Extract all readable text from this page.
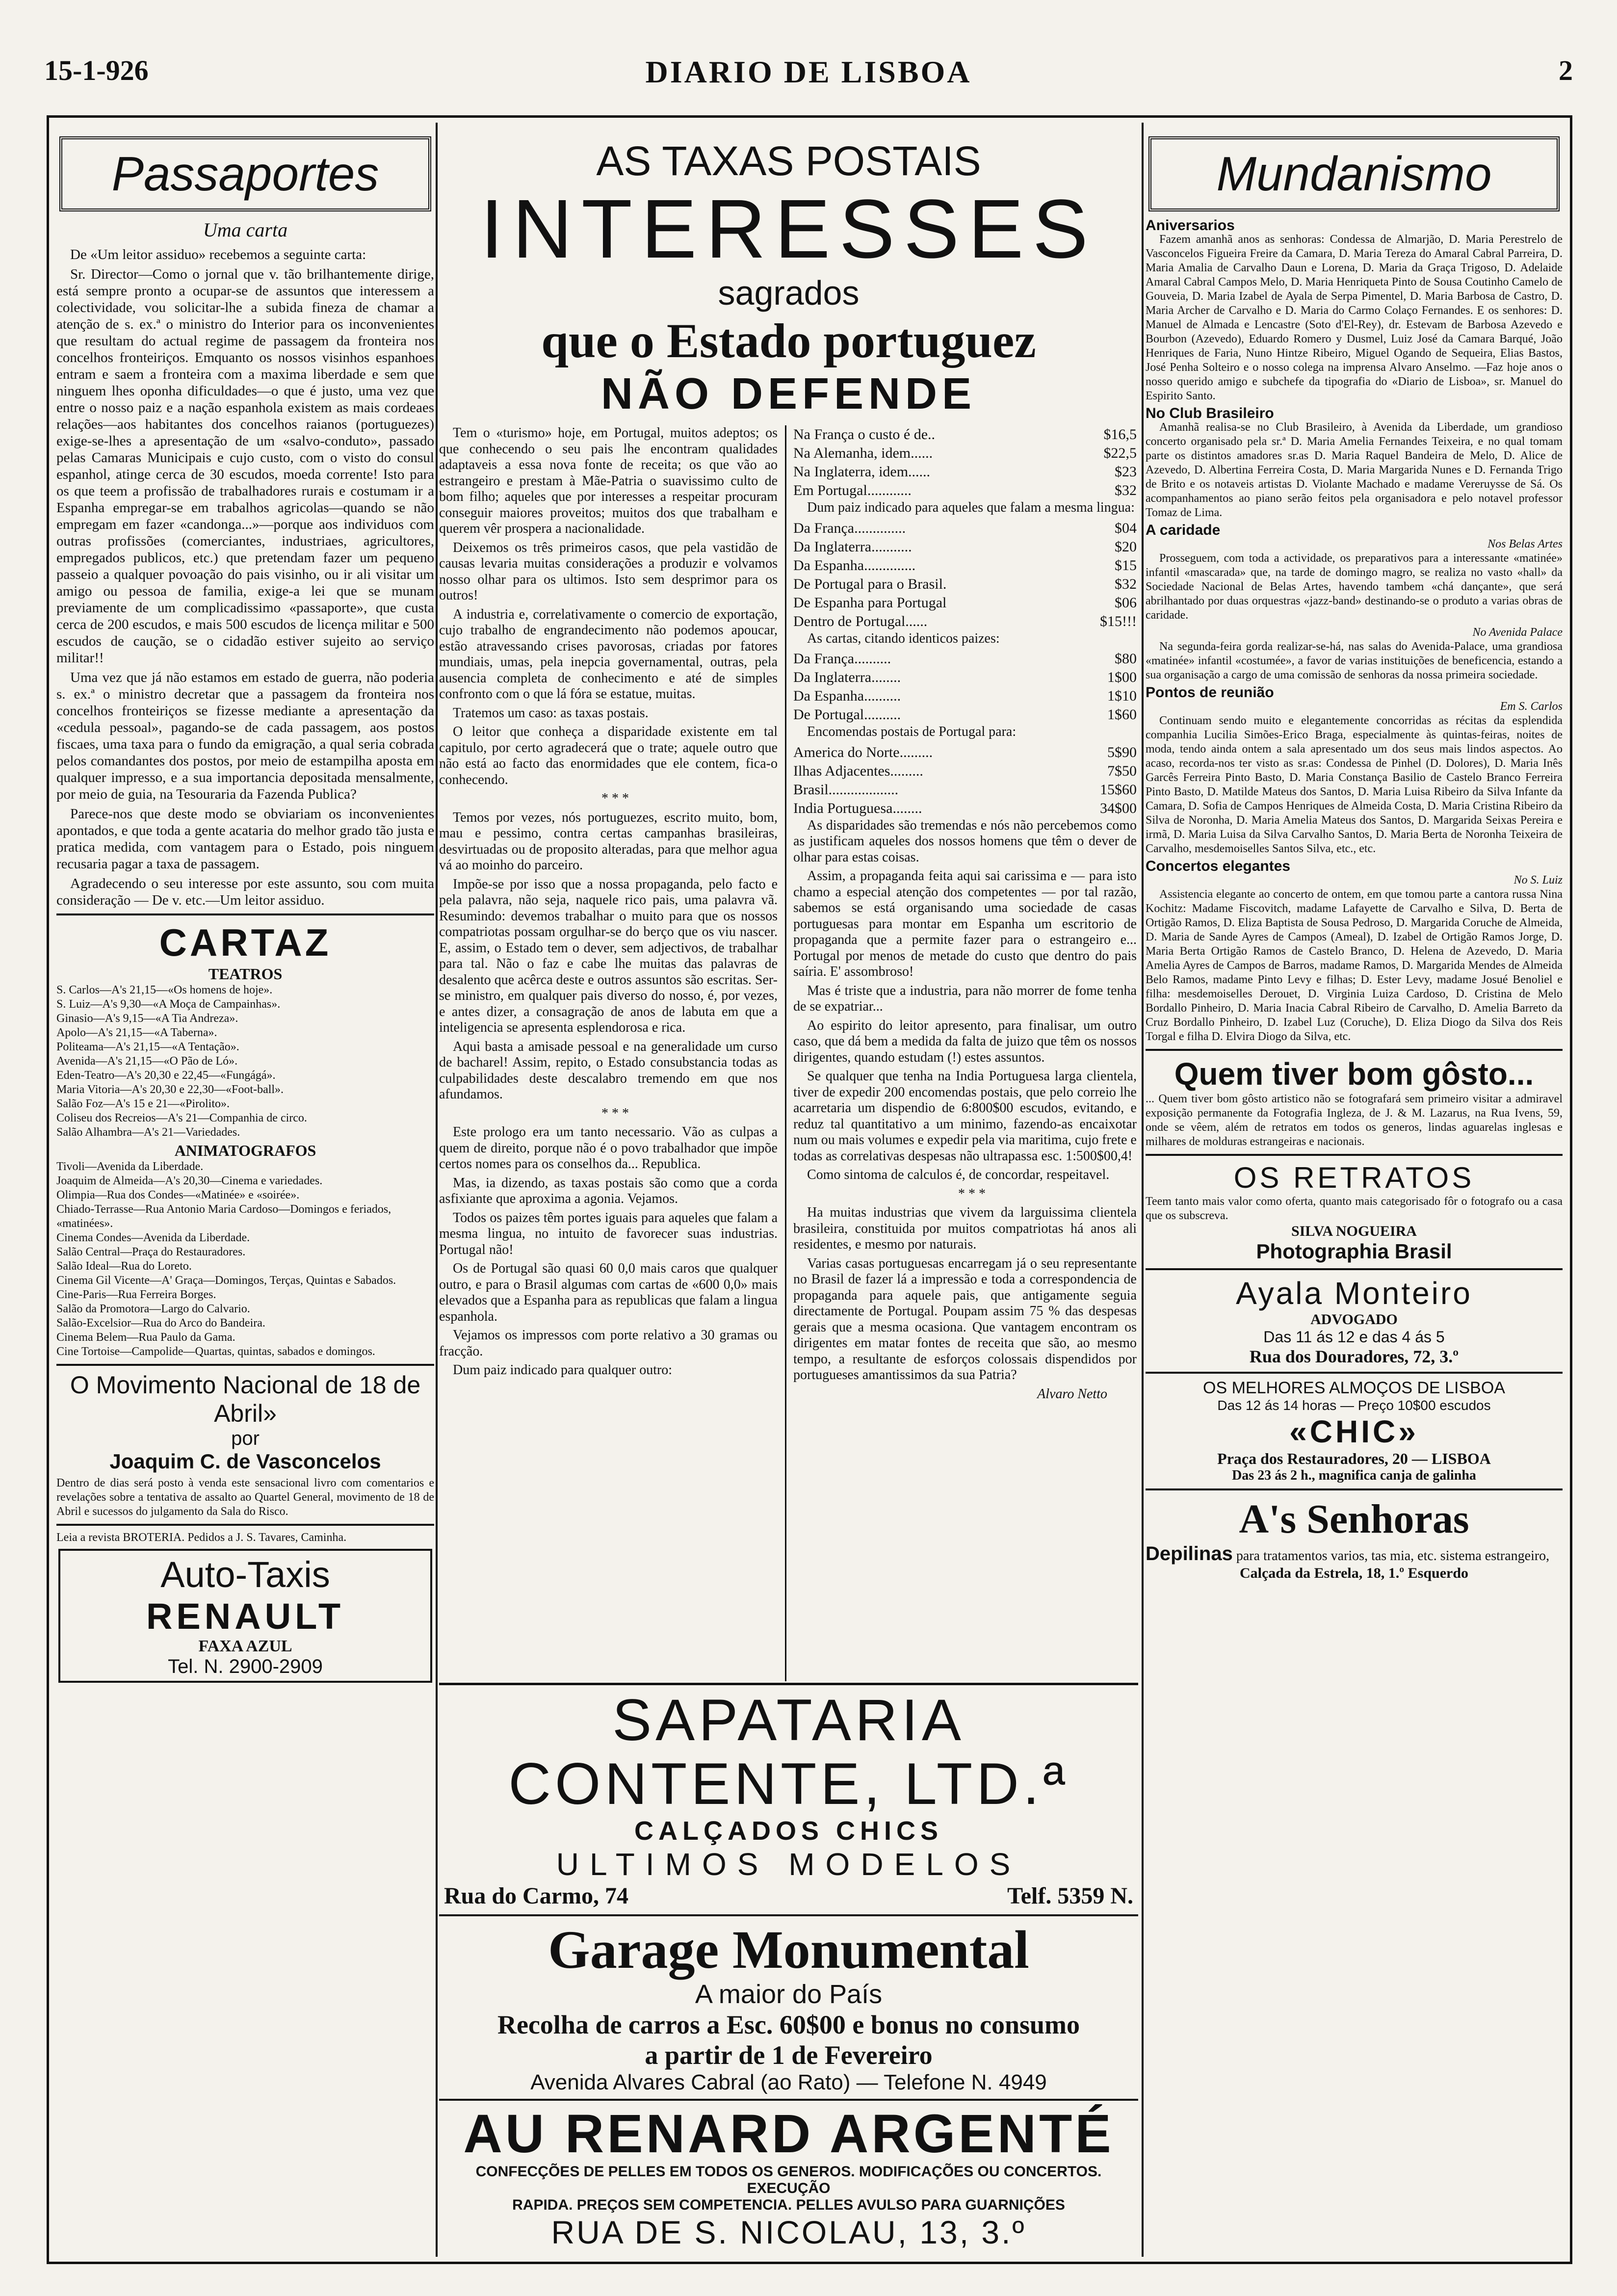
15-1-926	DIARIO DE LISBOA	2
Passaportes
Uma carta

De «Um leitor assiduo» recebemos a seguinte carta:

Sr. Director—Como o jornal que v. tão brilhantemente dirige, está sempre pronto a ocupar-se de assuntos que interessem a colectividade, vou solicitar-lhe a subida fineza de chamar a atenção de s. ex.ª o ministro do Interior para os inconvenientes que resultam do actual regime de passagem da fronteira nos concelhos fronteiriços. Emquanto os nossos visinhos espanhoes entram e saem a fronteira com a maxima liberdade e sem que ninguem lhes oponha dificuldades—o que é justo, uma vez que entre o nosso paiz e a nação espanhola existem as mais cordeaes relações—aos habitantes dos concelhos raianos (portuguezes) exige-se-lhes a apresentação de um «salvo-conduto», passado pelas Camaras Municipais e cujo custo, com o visto do consul espanhol, atinge cerca de 30 escudos, moeda corrente! Isto para os que teem a profissão de trabalhadores rurais e costumam ir a Espanha empregar-se em trabalhos agricolas—quando se não empregam em fazer «candonga...»—porque aos individuos com outras profissões (comerciantes, industriaes, agricultores, empregados publicos, etc.) que pretendam fazer um pequeno passeio a qualquer povoação do pais visinho, ou ir ali visitar um amigo ou pessoa de familia, exige-a lei que se munam previamente de um complicadissimo «passaporte», que custa cerca de 200 escudos, e mais 500 escudos de licença militar e 500 escudos de caução, se o cidadão estiver sujeito ao serviço militar!!

Uma vez que já não estamos em estado de guerra, não poderia s. ex.ª o ministro decretar que a passagem da fronteira nos concelhos fronteiriços se fizesse mediante a apresentação da «cedula pessoal», pagando-se de cada passagem, aos postos fiscaes, uma taxa para o fundo da emigração, a qual seria cobrada pelos comandantes dos postos, por meio de estampilha aposta em qualquer impresso, e a sua importancia depositada mensalmente, por meio de guia, na Tesouraria da Fazenda Publica?

Parece-nos que deste modo se obviariam os inconvenientes apontados, e que toda a gente acataria do melhor grado tão justa e pratica medida, com vantagem para o Estado, pois ninguem recusaria pagar a taxa de passagem.

Agradecendo o seu interesse por este assunto, sou com muita consideração — De v. etc.—Um leitor assiduo.

CARTAZ
TEATROS
S. Carlos—A's 21,15—«Os homens de hoje».
S. Luiz—A's 9,30—«A Moça de Campainhas».
Ginasio—A's 9,15—«A Tia Andreza».
Apolo—A's 21,15—«A Taberna».
Politeama—A's 21,15—«A Tentação».
Avenida—A's 21,15—«O Pão de Ló».
Eden-Teatro—A's 20,30 e 22,45—«Fungágá».
Maria Vitoria—A's 20,30 e 22,30—«Foot-ball».
Salão Foz—A's 15 e 21—«Pirolito».
Coliseu dos Recreios—A's 21—Companhia de circo.
Salão Alhambra—A's 21—Variedades.
ANIMATOGRAFOS
Tivoli—Avenida da Liberdade.
Joaquim de Almeida—A's 20,30—Cinema e variedades.
Olimpia—Rua dos Condes—«Matinée» e «soirée».
Chiado-Terrasse—Rua Antonio Maria Cardoso—Domingos e feriados, «matinées».
Cinema Condes—Avenida da Liberdade.
Salão Central—Praça do Restauradores.
Salão Ideal—Rua do Loreto.
Cinema Gil Vicente—A' Graça—Domingos, Terças, Quintas e Sabados.
Cine-Paris—Rua Ferreira Borges.
Salão da Promotora—Largo do Calvario.
Salão-Excelsior—Rua do Arco do Bandeira.
Cinema Belem—Rua Paulo da Gama.
Cine Tortoise—Campolide—Quartas, quintas, sabados e domingos.
O Movimento Nacional de 18 de Abril»
por
Joaquim C. de Vasconcelos
Dentro de dias será posto à venda este sensacional livro com comentarios e revelações sobre a tentativa de assalto ao Quartel General, movimento de 18 de Abril e sucessos do julgamento da Sala do Risco.
Leia a revista BROTERIA. Pedidos a J. S. Tavares, Caminha.
Auto-Taxis
RENAULT
FAXA AZUL
Tel. N. 2900-2909
AS TAXAS POSTAIS
INTERESSES
sagrados
que o Estado portuguez
NÃO DEFENDE

Tem o «turismo» hoje, em Portugal, muitos adeptos; os que conhecendo o seu pais lhe encontram qualidades adaptaveis a essa nova fonte de receita; os que vão ao estrangeiro e prestam à Mãe-Patria o suavissimo culto de bom filho; aqueles que por interesses a respeitar procuram conseguir maiores proveitos; muitos dos que trabalham e querem vêr prospera a nacionalidade.

Deixemos os três primeiros casos, que pela vastidão de causas levaria muitas considerações a produzir e volvamos nosso olhar para os ultimos. Isto sem desprimor para os outros!

A industria e, correlativamente o comercio de exportação, cujo trabalho de engrandecimento não podemos apoucar, estão atravessando crises pavorosas, criadas por fatores mundiais, umas, pela inepcia governamental, outras, pela ausencia completa de conhecimento e até de simples confronto com o que lá fóra se estatue, muitas.

Tratemos um caso: as taxas postais.

O leitor que conheça a disparidade existente em tal capitulo, por certo agradecerá que o trate; aquele outro que não está ao facto das enormidades que ele contem, fica-o conhecendo.

* * *

Temos por vezes, nós portuguezes, escrito muito, bom, mau e pessimo, contra certas campanhas brasileiras, desvirtuadas ou de proposito alteradas, para que melhor agua vá ao moinho do parceiro.

Impõe-se por isso que a nossa propaganda, pelo facto e pela palavra, não seja, naquele rico pais, uma palavra vã. Resumindo: devemos trabalhar o muito para que os nossos compatriotas possam orgulhar-se do berço que os viu nascer. E, assim, o Estado tem o dever, sem adjectivos, de trabalhar para tal. Não o faz e cabe lhe muitas das palavras de desalento que acêrca deste e outros assuntos são escritas. Ser-se ministro, em qualquer pais diverso do nosso, é, por vezes, e antes dizer, a consagração de anos de labuta em que a inteligencia se apresenta esplendorosa e rica.

Aqui basta a amisade pessoal e na generalidade um curso de bacharel! Assim, repito, o Estado consubstancia todas as culpabilidades deste descalabro tremendo em que nos afundamos.

* * *

Este prologo era um tanto necessario. Vão as culpas a quem de direito, porque não é o povo trabalhador que impõe certos nomes para os conselhos da... Republica.

Mas, ia dizendo, as taxas postais são como que a corda asfixiante que aproxima a agonia. Vejamos.

Todos os paizes têm portes iguais para aqueles que falam a mesma lingua, no intuito de favorecer suas industrias. Portugal não!

Os de Portugal são quasi 60 0,0 mais caros que qualquer outro, e para o Brasil algumas com cartas de «600 0,0» mais elevados que a Espanha para as republicas que falam a lingua espanhola.

Vejamos os impressos com porte relativo a 30 gramas ou fracção.

Dum paiz indicado para qualquer outro:

Na França o custo é de..	$16,5
Na Alemanha, idem......	$22,5
Na Inglaterra, idem......	$23
Em Portugal............	$32

Dum paiz indicado para aqueles que falam a mesma lingua:

Da França..............	$04
Da Inglaterra...........	$20
Da Espanha..............	$15
De Portugal para o Brasil.	$32
De Espanha para Portugal	$06
Dentro de Portugal......	$15!!!

As cartas, citando identicos paizes:

Da França..........	$80
Da Inglaterra........	1$00
Da Espanha..........	1$10
De Portugal..........	1$60

Encomendas postais de Portugal para:

America do Norte.........	5$90
Ilhas Adjacentes.........	7$50
Brasil...................	15$60
India Portuguesa........	34$00

As disparidades são tremendas e nós não percebemos como as justificam aqueles dos nossos homens que têm o dever de olhar para estas coisas.

Assim, a propaganda feita aqui sai carissima e — para isto chamo a especial atenção dos competentes — por tal razão, sabemos se está organisando uma sociedade de casas portuguesas para montar em Espanha um escritorio de propaganda que a permite fazer para o estrangeiro e... Portugal por menos de metade do custo que dentro do pais saíria. E' assombroso!

Mas é triste que a industria, para não morrer de fome tenha de se expatriar...

Ao espirito do leitor apresento, para finalisar, um outro caso, que dá bem a medida da falta de juizo que têm os nossos dirigentes, quando estudam (!) estes assuntos.

Se qualquer que tenha na India Portuguesa larga clientela, tiver de expedir 200 encomendas postais, que pelo correio lhe acarretaria um dispendio de 6:800$00 escudos, evitando, e reduz tal quantitativo a um minimo, fazendo-as encaixotar num ou mais volumes e expedir pela via maritima, cujo frete e todas as correlativas despesas não ultrapassa esc. 1:500$00,4!

Como sintoma de calculos é, de concordar, respeitavel.

* * *

Ha muitas industrias que vivem da larguissima clientela brasileira, constituida por muitos compatriotas há anos ali residentes, e mesmo por naturais.

Varias casas portuguesas encarregam já o seu representante no Brasil de fazer lá a impressão e toda a correspondencia de propaganda para aquele pais, que antigamente seguia directamente de Portugal. Poupam assim 75 % das despesas gerais que a mesma ocasiona. Que vantagem encontram os dirigentes em matar fontes de receita que são, ao mesmo tempo, a resultante de esforços colossais dispendidos por portugueses amantissimos da sua Patria?

Alvaro Netto
SAPATARIA CONTENTE, LTD.ª
CALÇADOS CHICS
ULTIMOS MODELOS
Rua do Carmo, 74	Telf. 5359 N.
Garage Monumental
A maior do País
Recolha de carros a Esc. 60$00 e bonus no consumo
a partir de 1 de Fevereiro
Avenida Alvares Cabral (ao Rato) — Telefone N. 4949
AU RENARD ARGENTÉ
CONFECÇÕES DE PELLES EM TODOS OS GENEROS. MODIFICAÇÕES OU CONCERTOS. EXECUÇÃO
RAPIDA. PREÇOS SEM COMPETENCIA. PELLES AVULSO PARA GUARNIÇÕES
RUA DE S. NICOLAU, 13, 3.º
Mundanismo
Aniversarios

Fazem amanhã anos as senhoras: Condessa de Almarjão, D. Maria Perestrelo de Vasconcelos Figueira Freire da Camara, D. Maria Tereza do Amaral Cabral Parreira, D. Maria Amalia de Carvalho Daun e Lorena, D. Maria da Graça Trigoso, D. Adelaide Amaral Cabral Campos Melo, D. Maria Henriqueta Pinto de Sousa Coutinho Camelo de Gouveia, D. Maria Izabel de Ayala de Serpa Pimentel, D. Maria Barbosa de Castro, D. Maria Archer de Carvalho e D. Maria do Carmo Colaço Fernandes. E os senhores: D. Manuel de Almada e Lencastre (Soto d'El-Rey), dr. Estevam de Barbosa Azevedo e Bourbon (Azevedo), Eduardo Romero y Dusmel, Luiz José da Camara Barqué, João Henriques de Faria, Nuno Hintze Ribeiro, Miguel Ogando de Sequeira, Elias Bastos, José Penha Solteiro e o nosso colega na imprensa Alvaro Anselmo. —Faz hoje anos o nosso querido amigo e subchefe da tipografia do «Diario de Lisboa», sr. Manuel do Espirito Santo.

No Club Brasileiro

Amanhã realisa-se no Club Brasileiro, à Avenida da Liberdade, um grandioso concerto organisado pela sr.ª D. Maria Amelia Fernandes Teixeira, e no qual tomam parte os distintos amadores sr.as D. Maria Raquel Bandeira de Melo, D. Alice de Azevedo, D. Albertina Ferreira Costa, D. Maria Margarida Nunes e D. Fernanda Trigo de Brito e os notaveis artistas D. Violante Machado e madame Vereruysse de Sá. Os acompanhamentos ao piano serão feitos pela organisadora e pelo notavel professor Tomaz de Lima.

A caridade
Nos Belas Artes

Prosseguem, com toda a actividade, os preparativos para a interessante «matinée» infantil «mascarada» que, na tarde de domingo magro, se realiza no vasto «hall» da Sociedade Nacional de Belas Artes, havendo tambem «chá dançante», que será abrilhantado por duas orquestras «jazz-band» destinando-se o produto a varias obras de caridade.

No Avenida Palace

Na segunda-feira gorda realizar-se-há, nas salas do Avenida-Palace, uma grandiosa «matinée» infantil «costumée», a favor de varias instituições de beneficencia, estando a sua organisação a cargo de uma comissão de senhoras da nossa primeira sociedade.

Pontos de reunião
Em S. Carlos

Continuam sendo muito e elegantemente concorridas as récitas da esplendida companhia Lucilia Simões-Erico Braga, especialmente às quintas-feiras, noites de moda, tendo ainda ontem a sala apresentado um dos seus mais lindos aspectos. Ao acaso, recorda-nos ter visto as sr.as: Condessa de Pinhel (D. Dolores), D. Maria Inês Garcês Ferreira Pinto Basto, D. Maria Constança Basilio de Castelo Branco Ferreira Pinto Basto, D. Matilde Mateus dos Santos, D. Maria Luisa Ribeiro da Silva Infante da Camara, D. Sofia de Campos Henriques de Almeida Costa, D. Maria Cristina Ribeiro da Silva de Noronha, D. Maria Amelia Mateus dos Santos, D. Margarida Seixas Pereira e irmã, D. Maria Luisa da Silva Carvalho Santos, D. Maria Berta de Noronha Teixeira de Carvalho, mesdemoiselles Santos Silva, etc., etc.

Concertos elegantes
No S. Luiz

Assistencia elegante ao concerto de ontem, em que tomou parte a cantora russa Nina Kochitz: Madame Fiscovitch, madame Lafayette de Carvalho e Silva, D. Berta de Ortigão Ramos, D. Eliza Baptista de Sousa Pedroso, D. Margarida Coruche de Almeida, D. Maria de Sande Ayres de Campos (Ameal), D. Izabel de Ortigão Ramos Jorge, D. Maria Berta Ortigão Ramos de Castelo Branco, D. Helena de Azevedo, D. Maria Amelia Ayres de Campos de Barros, madame Ramos, D. Margarida Mendes de Almeida Belo Ramos, madame Pinto Levy e filhas; D. Ester Levy, madame Josué Benoliel e filha: mesdemoiselles Derouet, D. Virginia Luiza Cardoso, D. Cristina de Melo Bordallo Pinheiro, D. Maria Inacia Cabral Ribeiro de Carvalho, D. Amelia Barreto da Cruz Bordallo Pinheiro, D. Izabel Luz (Coruche), D. Eliza Diogo da Silva dos Reis Torgal e filha D. Elvira Diogo da Silva, etc.

Quem tiver bom gôsto...
... Quem tiver bom gôsto artistico não se fotografará sem primeiro visitar a admiravel exposição permanente da Fotografia Ingleza, de J. & M. Lazarus, na Rua Ivens, 59, onde se vêem, além de retratos em todos os generos, lindas aguarelas inglesas e milhares de molduras estrangeiras e nacionais.
OS RETRATOS
Teem tanto mais valor como oferta, quanto mais categorisado fôr o fotografo ou a casa que os subscreva.
SILVA NOGUEIRA
Photographia Brasil
Ayala Monteiro
ADVOGADO
Das 11 ás 12 e das 4 ás 5
Rua dos Douradores, 72, 3.º
OS MELHORES ALMOÇOS DE LISBOA
Das 12 ás 14 horas — Preço 10$00 escudos
«CHIC»
Praça dos Restauradores, 20 — LISBOA
Das 23 ás 2 h., magnifica canja de galinha
A's Senhoras
Depilinas para tratamentos varios, tas mia, etc. sistema estrangeiro,
Calçada da Estrela, 18, 1.º Esquerdo
